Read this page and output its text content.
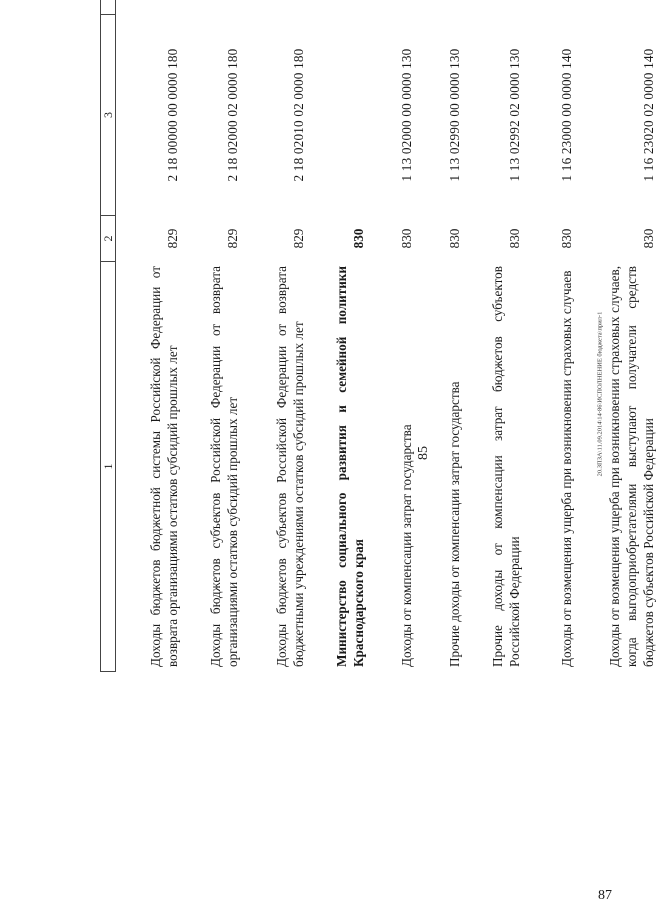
85
87
20.ЗПЗА\11.09.2014\14-86\ИСПОЛНЕНИЕ бюджета\прил-1
1	2	3	
Доходы бюджетов бюджетной системы Российской Федерации от возврата организациями остатков субсидий прошлых лет	829	2 18 00000 00 0000 180	
Доходы бюджетов субъектов Российской Федерации от возврата организациями остатков субсидий прошлых лет	829	2 18 02000 02 0000 180	
Доходы бюджетов субъектов Российской Федерации от возврата бюджетными учреждениями остатков субсидий прошлых лет	829	2 18 02010 02 0000 180	
Министерство социального развития и семейной политики Краснодарского края	830		
Доходы от компенсации затрат государства	830	1 13 02000 00 0000 130	
Прочие доходы от компенсации затрат государства	830	1 13 02990 00 0000 130	
Прочие доходы от компенсации затрат бюджетов субъектов Российской Федерации	830	1 13 02992 02 0000 130	
Доходы от возмещения ущерба при возникновении страховых случаев	830	1 16 23000 00 0000 140	
Доходы от возмещения ущерба при возникновении страховых случаев, когда выгодоприобретателями выступают получатели средств бюджетов субъектов Российской Федерации	830	1 16 23020 02 0000 140	
